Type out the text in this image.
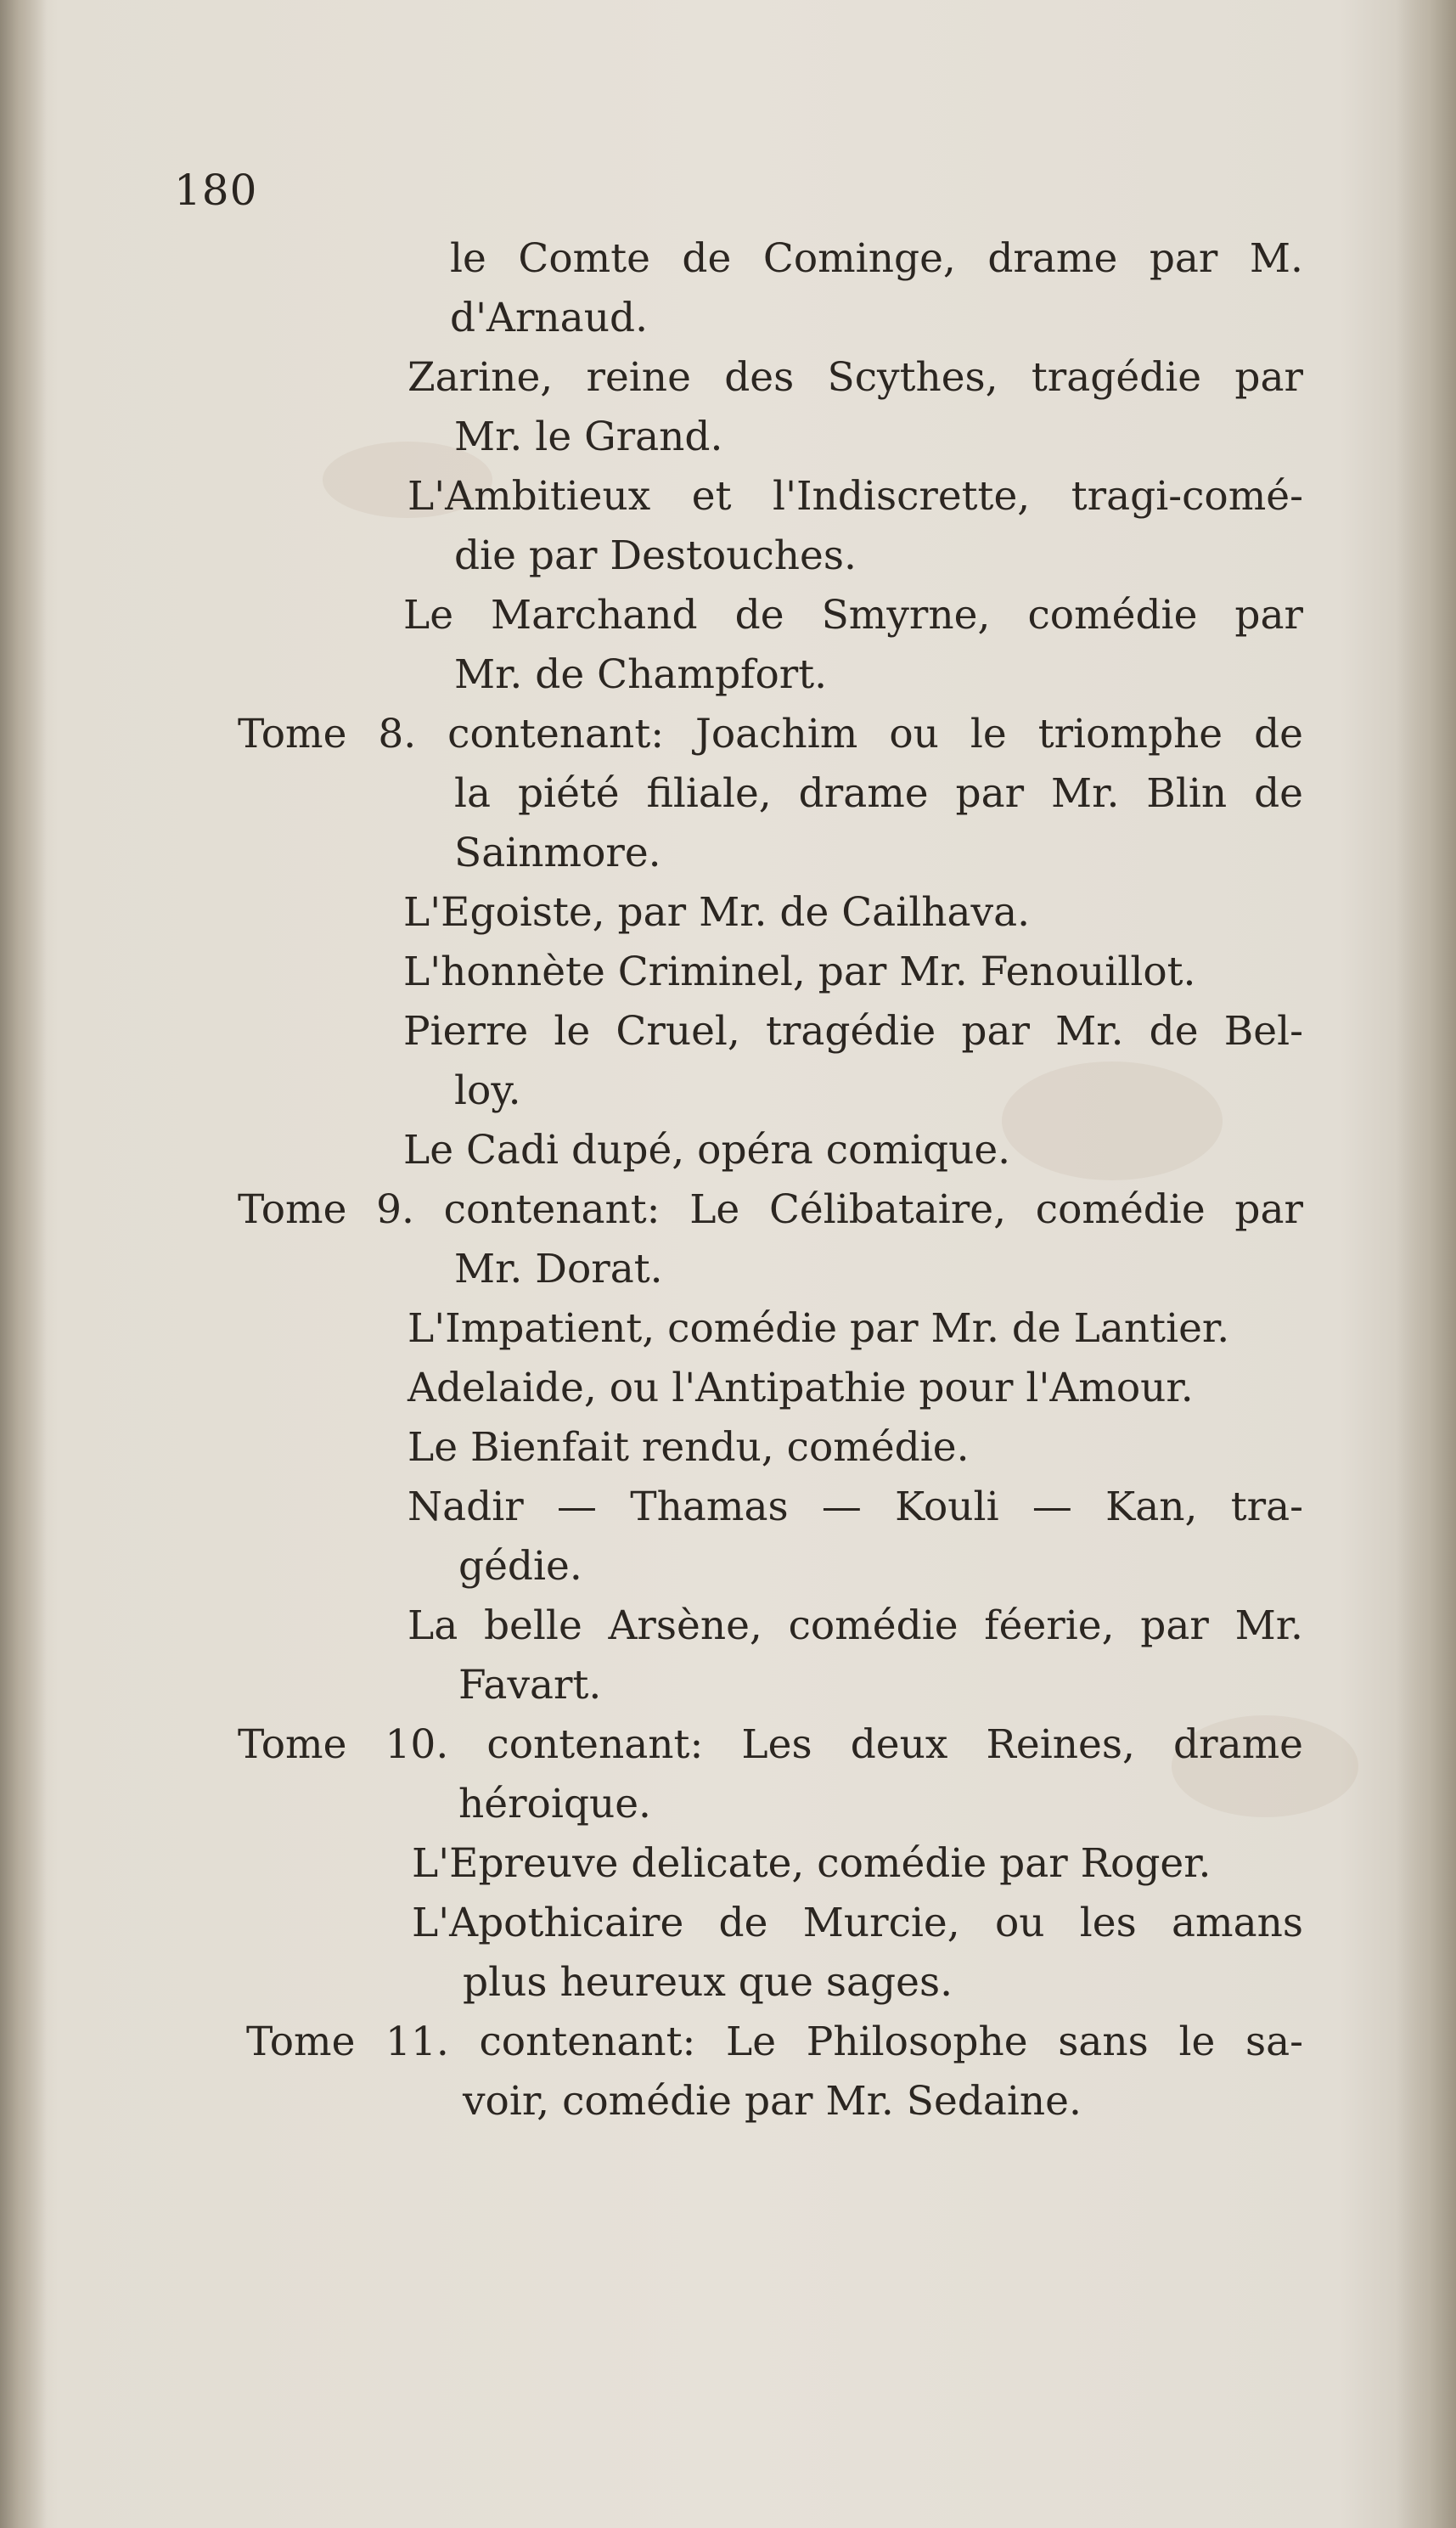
180
le Comte de Cominge, drame par M.
d'Arnaud.
Zarine, reine des Scythes, tragédie par
Mr. le Grand.
L'Ambitieux et l'Indiscrette, tragi-comé-
die par Destouches.
Le Marchand de Smyrne, comédie par
Mr. de Champfort.
Tome 8. contenant: Joachim ou le triomphe de
la piété filiale, drame par Mr. Blin de
Sainmore.
L'Egoiste, par Mr. de Cailhava.
L'honnète Criminel, par Mr. Fenouillot.
Pierre le Cruel, tragédie par Mr. de Bel-
loy.
Le Cadi dupé, opéra comique.
Tome 9. contenant: Le Célibataire, comédie par
Mr. Dorat.
L'Impatient, comédie par Mr. de Lantier.
Adelaide, ou l'Antipathie pour l'Amour.
Le Bienfait rendu, comédie.
Nadir — Thamas — Kouli — Kan, tra-
gédie.
La belle Arsène, comédie féerie, par Mr.
Favart.
Tome 10. contenant: Les deux Reines, drame
héroique.
L'Epreuve delicate, comédie par Roger.
L'Apothicaire de Murcie, ou les amans
plus heureux que sages.
Tome 11. contenant: Le Philosophe sans le sa-
voir, comédie par Mr. Sedaine.
